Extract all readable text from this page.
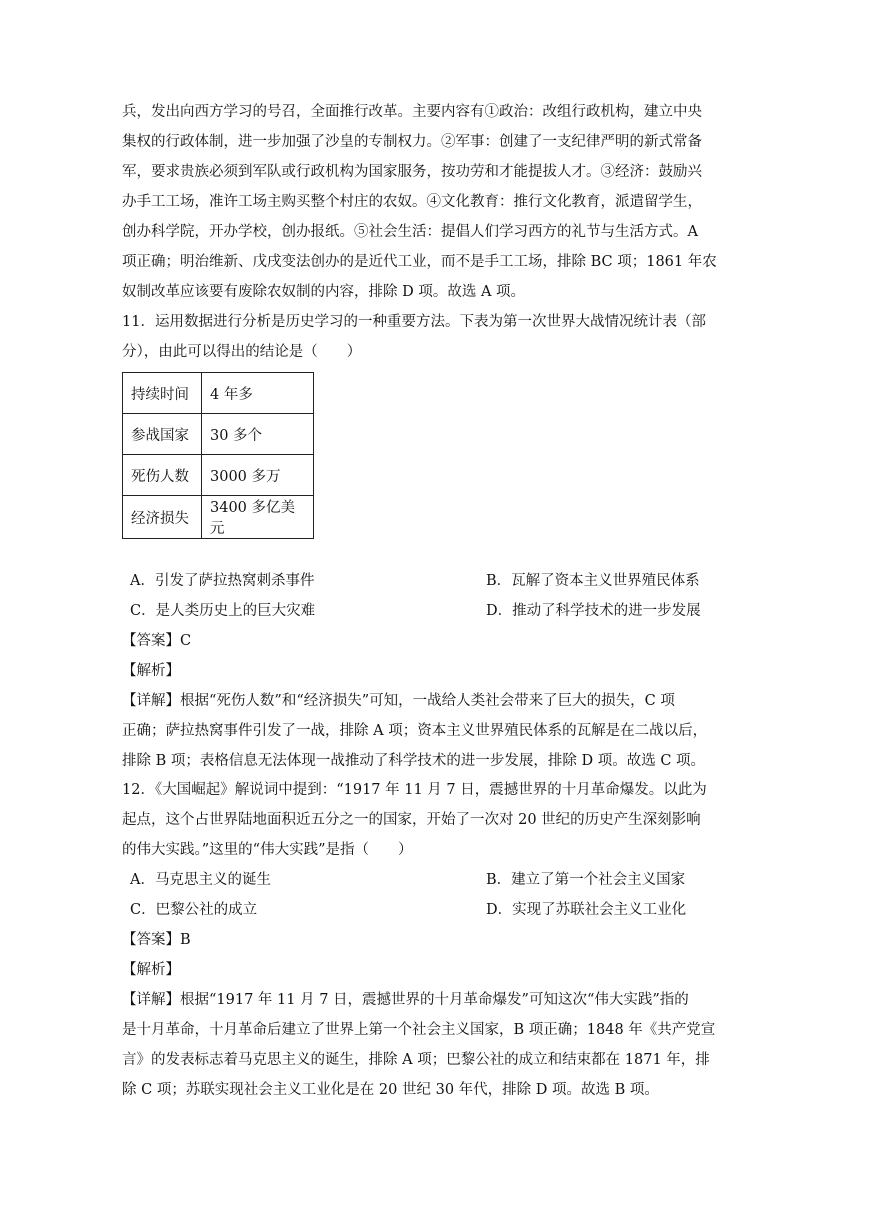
兵，发出向西方学习的号召，全面推行改革。主要内容有①政治：改组行政机构，建立中央
集权的行政体制，进一步加强了沙皇的专制权力。②军事：创建了一支纪律严明的新式常备
军，要求贵族必须到军队或行政机构为国家服务，按功劳和才能提拔人才。③经济：鼓励兴
办手工工场，准许工场主购买整个村庄的农奴。④文化教育：推行文化教育，派遣留学生，
创办科学院，开办学校，创办报纸。⑤社会生活：提倡人们学习西方的礼节与生活方式。A
项正确；明治维新、戊戌变法创办的是近代工业，而不是手工工场，排除 BC 项；1861 年农
奴制改革应该要有废除农奴制的内容，排除 D 项。故选 A 项。
11．运用数据进行分析是历史学习的一种重要方法。下表为第一次世界大战情况统计表（部
分），由此可以得出的结论是（　　）
持续时间	4 年多
参战国家	30 多个
死伤人数	3000 多万
经济损失	3400 多亿美元
A．引发了萨拉热窝刺杀事件	B．瓦解了资本主义世界殖民体系
C．是人类历史上的巨大灾难	D．推动了科学技术的进一步发展
【答案】C
【解析】
【详解】根据“死伤人数”和“经济损失”可知，一战给人类社会带来了巨大的损失，C 项
正确；萨拉热窝事件引发了一战，排除 A 项；资本主义世界殖民体系的瓦解是在二战以后，
排除 B 项；表格信息无法体现一战推动了科学技术的进一步发展，排除 D 项。故选 C 项。
12．《大国崛起》解说词中提到：“1917 年 11 月 7 日，震撼世界的十月革命爆发。以此为
起点，这个占世界陆地面积近五分之一的国家，开始了一次对 20 世纪的历史产生深刻影响
的伟大实践。”这里的“伟大实践”是指（　　）
A．马克思主义的诞生	B．建立了第一个社会主义国家
C．巴黎公社的成立	D．实现了苏联社会主义工业化
【答案】B
【解析】
【详解】根据“1917 年 11 月 7 日，震撼世界的十月革命爆发”可知这次“伟大实践”指的
是十月革命，十月革命后建立了世界上第一个社会主义国家，B 项正确；1848 年《共产党宣
言》的发表标志着马克思主义的诞生，排除 A 项；巴黎公社的成立和结束都在 1871 年，排
除 C 项；苏联实现社会主义工业化是在 20 世纪 30 年代，排除 D 项。故选 B 项。
